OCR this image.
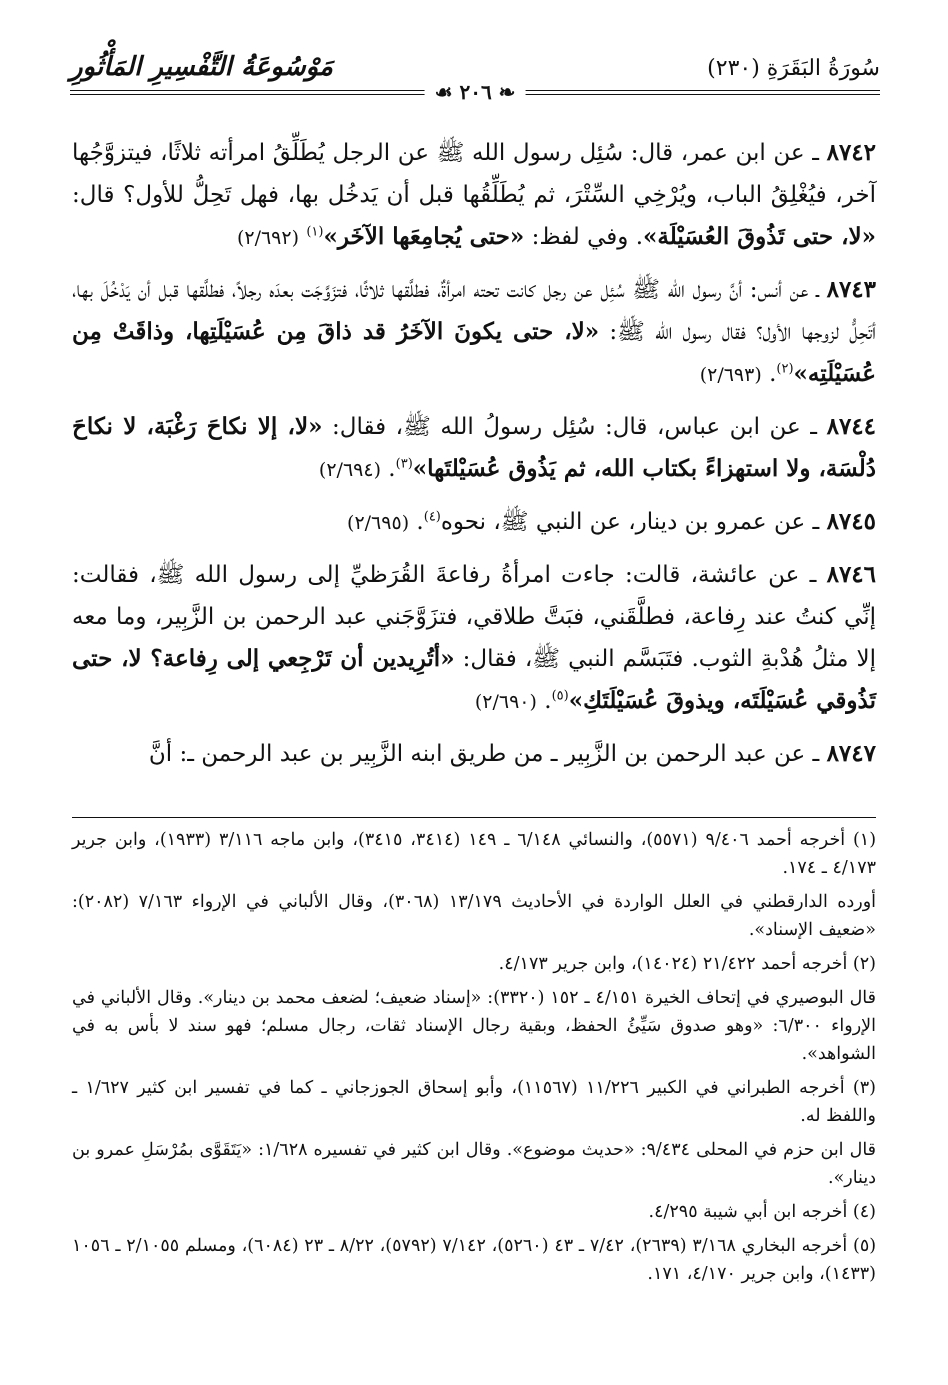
سُورَةُ البَقَرَةِ (٢٣٠)
مَوْسُوعَةُ التَّفْسِيرِ المَأْثُورِ
❧ ٢٠٦ ☙

٨٧٤٢ ـ عن ابن عمر، قال: سُئِل رسول الله ﷺ عن الرجل يُطَلِّقُ امرأته ثلاثًا، فيتزوَّجُها آخر، فيُغْلِقُ الباب، ويُرْخِي السِّتْرَ، ثم يُطَلِّقُها قبل أن يَدخُل بها، فهل تَحِلُّ للأول؟ قال: «لا، حتى تَذُوقَ العُسَيْلَة». وفي لفظ: «حتى يُجامِعَها الآخَر»$^{(١)}$ (٢/٦٩٢)

٨٧٤٣ ـ عن أنس: أنَّ رسول الله ﷺ سُئِل عن رجل كانت تحته امرأةٌ، فطلَّقها ثلاثًا، فتزَوَّجَت بعدَه رجلاً، فطلَّقها قبل أن يَدْخُلَ بها، أتَحِلُّ لزوجها الأول؟ فقال رسول الله ﷺ: «لا، حتى يكونَ الآخَرُ قد ذاقَ مِن عُسَيْلَتِها، وذاقَتْ مِن عُسَيْلَتِه»$^{(٢)}$. (٢/٦٩٣)

٨٧٤٤ ـ عن ابن عباس، قال: سُئِل رسولُ الله ﷺ، فقال: «لا، إلا نكاحَ رَغْبَة، لا نكاحَ دُلْسَة، ولا استهزاءً بكتاب الله، ثم يَذُوق عُسَيْلتَها»$^{(٣)}$. (٢/٦٩٤)

٨٧٤٥ ـ عن عمرو بن دينار، عن النبي ﷺ، نحوه$^{(٤)}$. (٢/٦٩٥)

٨٧٤٦ ـ عن عائشة، قالت: جاءت امرأةُ رفاعةَ القُرَظيِّ إلى رسول الله ﷺ، فقالت: إنِّي كنتُ عند رِفاعة، فطلَّقَني، فبَتَّ طلاقي، فتزَوَّجَني عبد الرحمن بن الزَّبِير، وما معه إلا مثلُ هُدْبةِ الثوب. فتَبَسَّم النبي ﷺ، فقال: «أتُرِيدين أن تَرْجِعي إلى رِفاعة؟ لا، حتى تَذُوقي عُسَيْلَتَه، ويذوقَ عُسَيْلَتَكِ»$^{(٥)}$. (٢/٦٩٠)

٨٧٤٧ ـ عن عبد الرحمن بن الزَّبِير ـ من طريق ابنه الزَّبِير بن عبد الرحمن ـ: أنَّ

(١) أخرجه أحمد ٩/٤٠٦ (٥٥٧١)، والنسائي ٦/١٤٨ ـ ١٤٩ (٣٤١٤، ٣٤١٥)، وابن ماجه ٣/١١٦ (١٩٣٣)، وابن جرير ٤/١٧٣ ـ ١٧٤.

أورده الدارقطني في العلل الواردة في الأحاديث ١٣/١٧٩ (٣٠٦٨)، وقال الألباني في الإرواء ٧/١٦٣ (٢٠٨٢): «ضعيف الإسناد».

(٢) أخرجه أحمد ٢١/٤٢٢ (١٤٠٢٤)، وابن جرير ٤/١٧٣.

قال البوصيري في إتحاف الخيرة ٤/١٥١ ـ ١٥٢ (٣٣٢٠): «إسناد ضعيف؛ لضعف محمد بن دينار». وقال الألباني في الإرواء ٦/٣٠٠: «وهو صدوق سَيِّئُ الحفظ، وبقية رجال الإسناد ثقات، رجال مسلم؛ فهو سند لا بأس به في الشواهد».

(٣) أخرجه الطبراني في الكبير ١١/٢٢٦ (١١٥٦٧)، وأبو إسحاق الجوزجاني ـ كما في تفسير ابن كثير ١/٦٢٧ ـ واللفظ له.

قال ابن حزم في المحلى ٩/٤٣٤: «حديث موضوع». وقال ابن كثير في تفسيره ١/٦٢٨: «يَتَقَوَّى بمُرْسَلِ عمرو بن دينار».

(٤) أخرجه ابن أبي شيبة ٤/٢٩٥.

(٥) أخرجه البخاري ٣/١٦٨ (٢٦٣٩)، ٧/٤٢ ـ ٤٣ (٥٢٦٠)، ٧/١٤٢ (٥٧٩٢)، ٨/٢٢ ـ ٢٣ (٦٠٨٤)، ومسلم ٢/١٠٥٥ ـ ١٠٥٦ (١٤٣٣)، وابن جرير ٤/١٧٠، ١٧١.
